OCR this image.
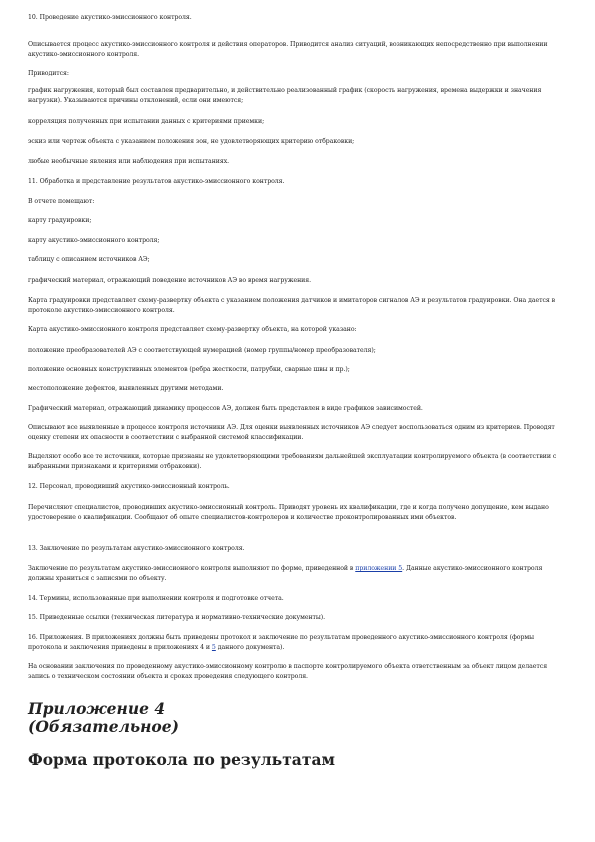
10. Проведение акустико-эмиссионного контроля.

Описывается процесс акустико-эмиссионного контроля и действия операторов. Приводится анализ ситуаций, возникающих непосредственно при выполнении акустико-эмиссионного контроля.

Приводится:

график нагружения, который был составлен предварительно, и действительно реализованный график (скорость нагружения, времена выдержки и значения нагрузки). Указываются причины отклонений, если они имеются;

корреляция полученных при испытании данных с критериями приемки;

эскиз или чертеж объекта с указанием положения зон, не удовлетворяющих критерию отбраковки;

любые необычные явления или наблюдения при испытаниях.

11. Обработка и представление результатов акустико-эмиссионного контроля.

В отчете помещают:

карту градуировки;

карту акустико-эмиссионного контроля;

таблицу с описанием источников АЭ;

графический материал, отражающий поведение источников АЭ во время нагружения.

Карта градуировки представляет схему-развертку объекта с указанием положения датчиков и имитаторов сигналов АЭ и результатов градуировки. Она дается в протоколе акустико-эмиссионного контроля.

Карта акустико-эмиссионного контроля представляет схему-развертку объекта, на которой указано:

положение преобразователей АЭ с соответствующей нумерацией (номер группы/номер преобразователя);

положение основных конструктивных элементов (ребра жесткости, патрубки, сварные швы и пр.);

местоположение дефектов, выявленных другими методами.

Графический материал, отражающий динамику процессов АЭ, должен быть представлен в виде графиков зависимостей.

Описывают все выявленные в процессе контроля источники АЭ. Для оценки выявленных источников АЭ следует воспользоваться одним из критериев. Проводят оценку степени их опасности в соответствии с выбранной системой классификации.

Выделяют особо все те источники, которые признаны не удовлетворяющими требованиям дальнейшей эксплуатации контролируемого объекта (в соответствии с выбранными признаками и критериями отбраковки).

12. Персонал, проводивший акустико-эмиссионный контроль.

Перечисляют специалистов, проводивших акустико-эмиссионный контроль. Приводят уровень их квалификации, где и когда получено допущение, кем выдано удостоверение о квалификации. Сообщают об опыте специалистов-контролеров и количестве проконтролированных ими объектов.

13. Заключение по результатам акустико-эмиссионного контроля.

Заключение по результатам акустико-эмиссионного контроля выполняют по форме, приведенной в приложении 5. Данные акустико-эмиссионного контроля должны храниться с записями по объекту.

14. Термины, использованные при выполнении контроля и подготовке отчета.

15. Приведенные ссылки (техническая литература и нормативно-технические документы).

16. Приложения. В приложениях должны быть приведены протокол и заключение по результатам проведенного акустико-эмиссионного контроля (формы протокола и заключения приведены в приложениях 4 и 5 данного документа).

На основании заключения по проведенному акустико-эмиссионному контролю в паспорте контролируемого объекта ответственным за объект лицом делается запись о техническом состоянии объекта и сроках проведения следующего контроля.

Приложение 4
(Обязательное)
Форма протокола по результатам
